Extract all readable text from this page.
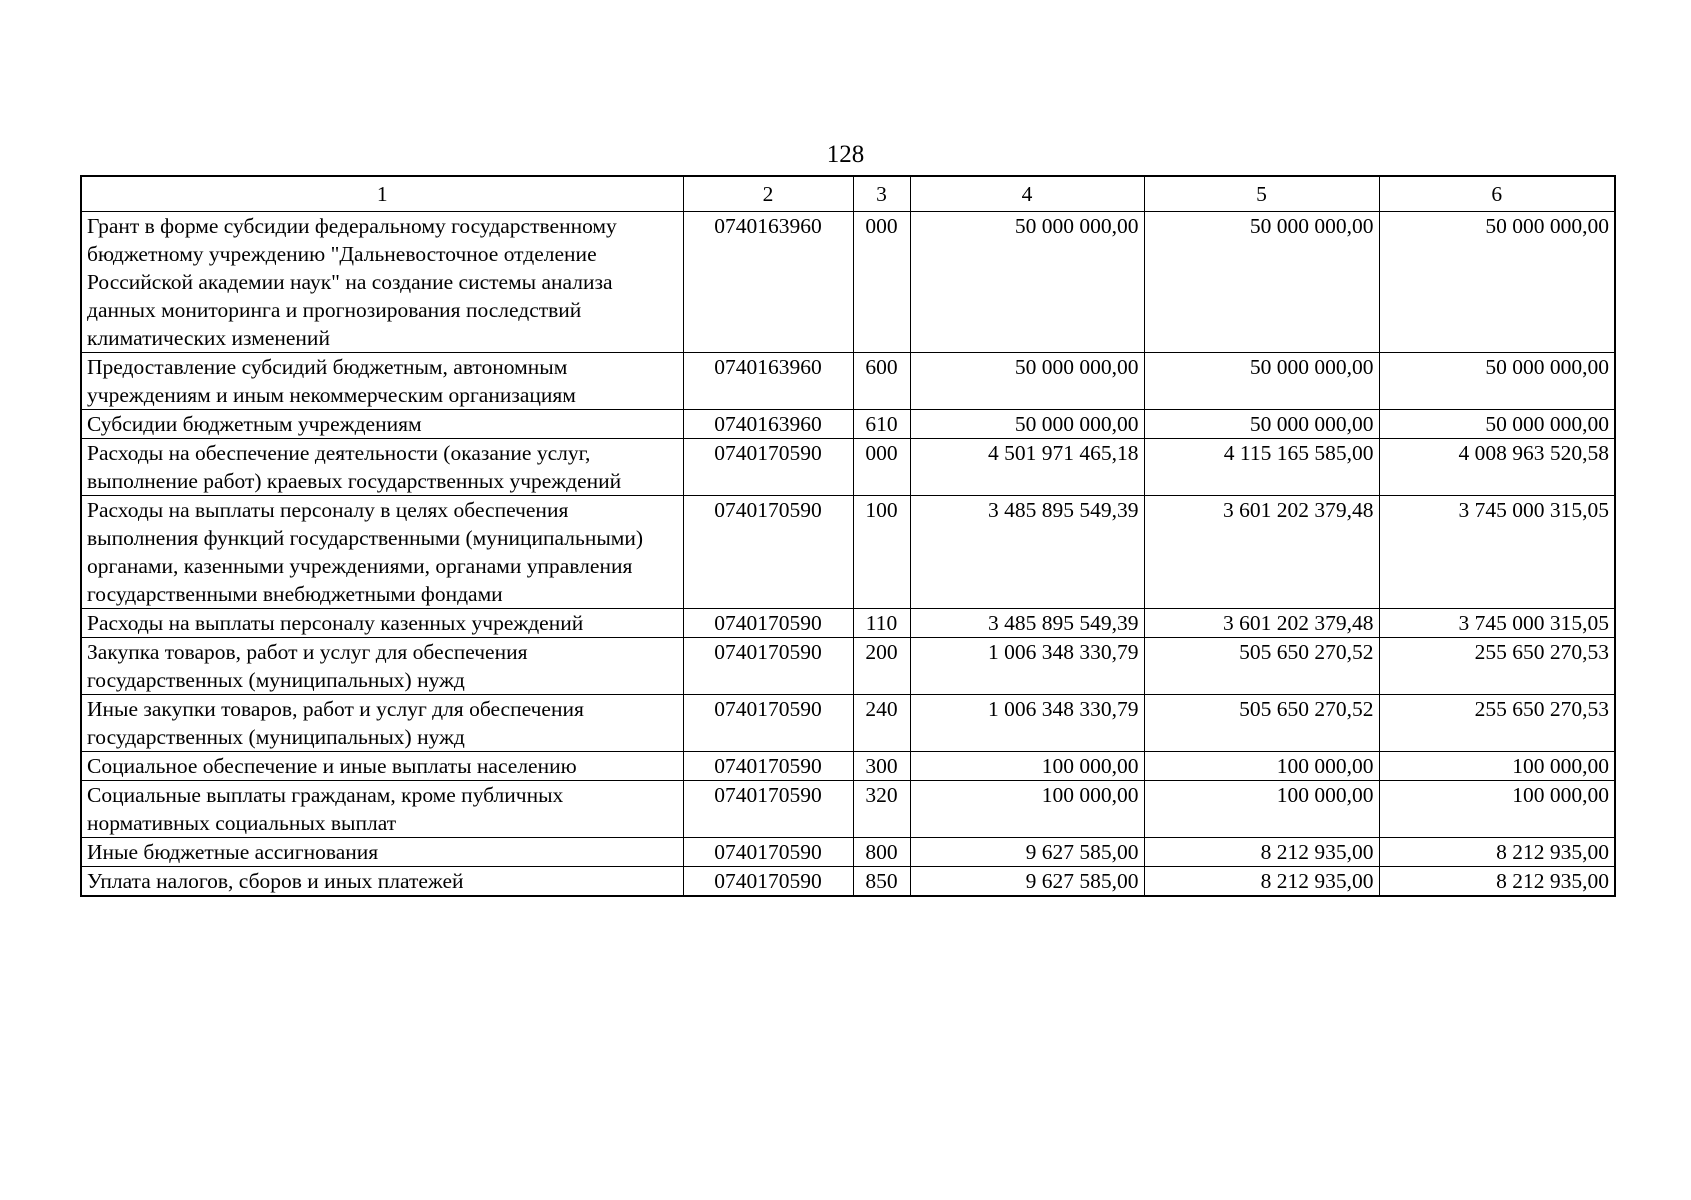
128
1	2	3	4	5	6
Грант в форме субсидии федеральному государственному бюджетному учреждению "Дальневосточное отделение Российской академии наук" на создание системы анализа данных мониторинга и прогнозирования последствий климатических изменений	0740163960	000	50 000 000,00	50 000 000,00	50 000 000,00
Предоставление субсидий бюджетным, автономным учреждениям и иным некоммерческим организациям	0740163960	600	50 000 000,00	50 000 000,00	50 000 000,00
Субсидии бюджетным учреждениям	0740163960	610	50 000 000,00	50 000 000,00	50 000 000,00
Расходы на обеспечение деятельности (оказание услуг, выполнение работ) краевых государственных учреждений	0740170590	000	4 501 971 465,18	4 115 165 585,00	4 008 963 520,58
Расходы на выплаты персоналу в целях обеспечения выполнения функций государственными (муниципальными) органами, казенными учреждениями, органами управления государственными внебюджетными фондами	0740170590	100	3 485 895 549,39	3 601 202 379,48	3 745 000 315,05
Расходы на выплаты персоналу казенных учреждений	0740170590	110	3 485 895 549,39	3 601 202 379,48	3 745 000 315,05
Закупка товаров, работ и услуг для обеспечения государственных (муниципальных) нужд	0740170590	200	1 006 348 330,79	505 650 270,52	255 650 270,53
Иные закупки товаров, работ и услуг для обеспечения государственных (муниципальных) нужд	0740170590	240	1 006 348 330,79	505 650 270,52	255 650 270,53
Социальное обеспечение и иные выплаты населению	0740170590	300	100 000,00	100 000,00	100 000,00
Социальные выплаты гражданам, кроме публичных нормативных социальных выплат	0740170590	320	100 000,00	100 000,00	100 000,00
Иные бюджетные ассигнования	0740170590	800	9 627 585,00	8 212 935,00	8 212 935,00
Уплата налогов, сборов и иных платежей	0740170590	850	9 627 585,00	8 212 935,00	8 212 935,00
